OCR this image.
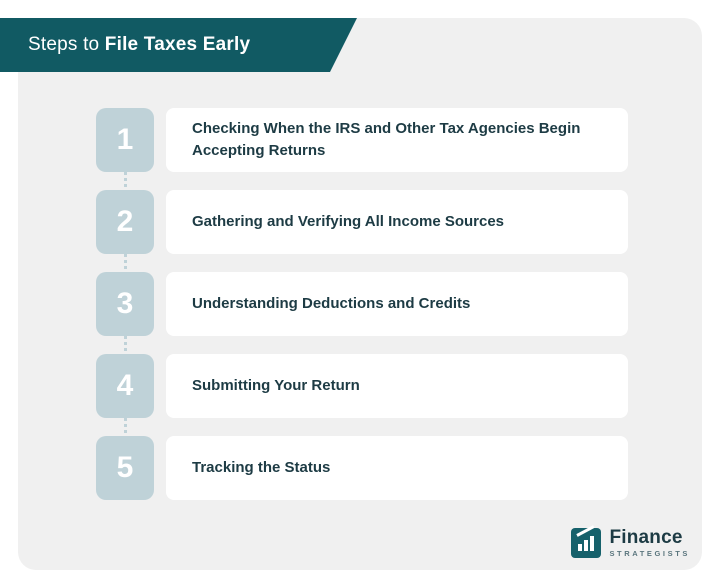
Steps to File Taxes Early
1	Checking When the IRS and Other Tax Agencies Begin Accepting Returns
2	Gathering and Verifying All Income Sources
3	Understanding Deductions and Credits
4	Submitting Your Return
5	Tracking the Status
Finance
STRATEGISTS
